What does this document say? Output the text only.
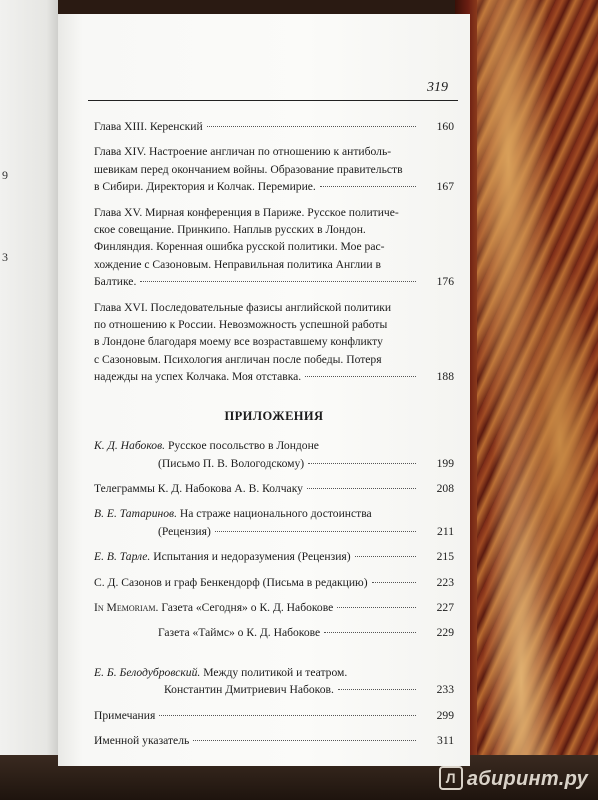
9
3
319
Глава XIII. Керенский	160
Глава XIV. Настроение англичан по отношению к антиболь-
шевикам перед окончанием войны. Образование правительств
в Сибири. Директория и Колчак. Перемирие.	167
Глава XV. Мирная конференция в Париже. Русское политиче-
ское совещание. Принкипо. Наплыв русских в Лондон.
Финляндия. Коренная ошибка русской политики. Мое рас-
хождение с Сазоновым. Неправильная политика Англии в
Балтике.	176
Глава XVI. Последовательные фазисы английской политики
по отношению к России. Невозможность успешной работы
в Лондоне благодаря моему все возраставшему конфликту
с Сазоновым. Психология англичан после победы. Потеря
надежды на успех Колчака. Моя отставка.	188
ПРИЛОЖЕНИЯ
К. Д. Набоков. Русское посольство в Лондоне
(Письмо П. В. Вологодскому)	199
Телеграммы К. Д. Набокова А. В. Колчаку	208
В. Е. Татаринов. На страже национального достоинства
(Рецензия)	211
Е. В. Тарле. Испытания и недоразумения (Рецензия)	215
С. Д. Сазонов и граф Бенкендорф (Письма в редакцию)	223
In Memoriam. Газета «Сегодня» о К. Д. Набокове	227
Газета «Таймс» о К. Д. Набокове	229
Е. Б. Белодубровский. Между политикой и театром.
Константин Дмитриевич Набоков.	233
Примечания	299
Именной указатель	311
Л абиринт.ру
